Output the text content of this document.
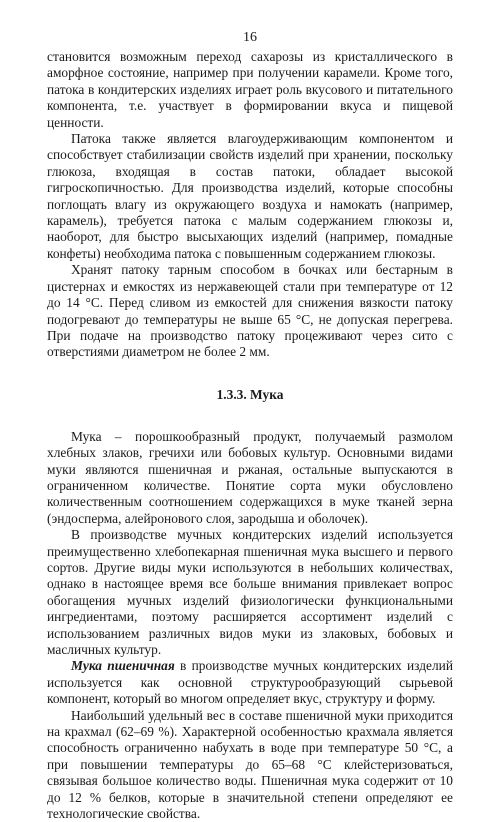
16

становится возможным переход сахарозы из кристаллического в аморфное состояние, например при получении карамели. Кроме того, патока в кондитерских изделиях играет роль вкусового и питательного компонента, т.е. участвует в формировании вкуса и пищевой ценности.

Патока также является влагоудерживающим компонентом и способствует стабилизации свойств изделий при хранении, поскольку глюкоза, входящая в состав патоки, обладает высокой гигроскопичностью. Для производства изделий, которые способны поглощать влагу из окружающего воздуха и намокать (например, карамель), требуется патока с малым содержанием глюкозы и, наоборот, для быстро высыхающих изделий (например, помадные конфеты) необходима патока с повышенным содержанием глюкозы.

Хранят патоку тарным способом в бочках или бестарным в цистернах и емкостях из нержавеющей стали при температуре от 12 до 14 °С. Перед сливом из емкостей для снижения вязкости патоку подогревают до температуры не выше 65 °С, не допуская перегрева. При подаче на производство патоку процеживают через сито с отверстиями диаметром не более 2 мм.

1.3.3. Мука

Мука – порошкообразный продукт, получаемый размолом хлебных злаков, гречихи или бобовых культур. Основными видами муки являются пшеничная и ржаная, остальные выпускаются в ограниченном количестве. Понятие сорта муки обусловлено количественным соотношением содержащихся в муке тканей зерна (эндосперма, алейронового слоя, зародыша и оболочек).

В производстве мучных кондитерских изделий используется преимущественно хлебопекарная пшеничная мука высшего и первого сортов. Другие виды муки используются в небольших количествах, однако в настоящее время все больше внимания привлекает вопрос обогащения мучных изделий физиологически функциональными ингредиентами, поэтому расширяется ассортимент изделий с использованием различных видов муки из злаковых, бобовых и масличных культур.

Мука пшеничная в производстве мучных кондитерских изделий используется как основной структурообразующий сырьевой компонент, который во многом определяет вкус, структуру и форму.

Наибольший удельный вес в составе пшеничной муки приходится на крахмал (62–69 %). Характерной особенностью крахмала является способность ограниченно набухать в воде при температуре 50 °С, а при повышении температуры до 65–68 °С клейстеризоваться, связывая большое количество воды. Пшеничная мука содержит от 10 до 12 % белков, которые в значительной степени определяют ее технологические свойства.
